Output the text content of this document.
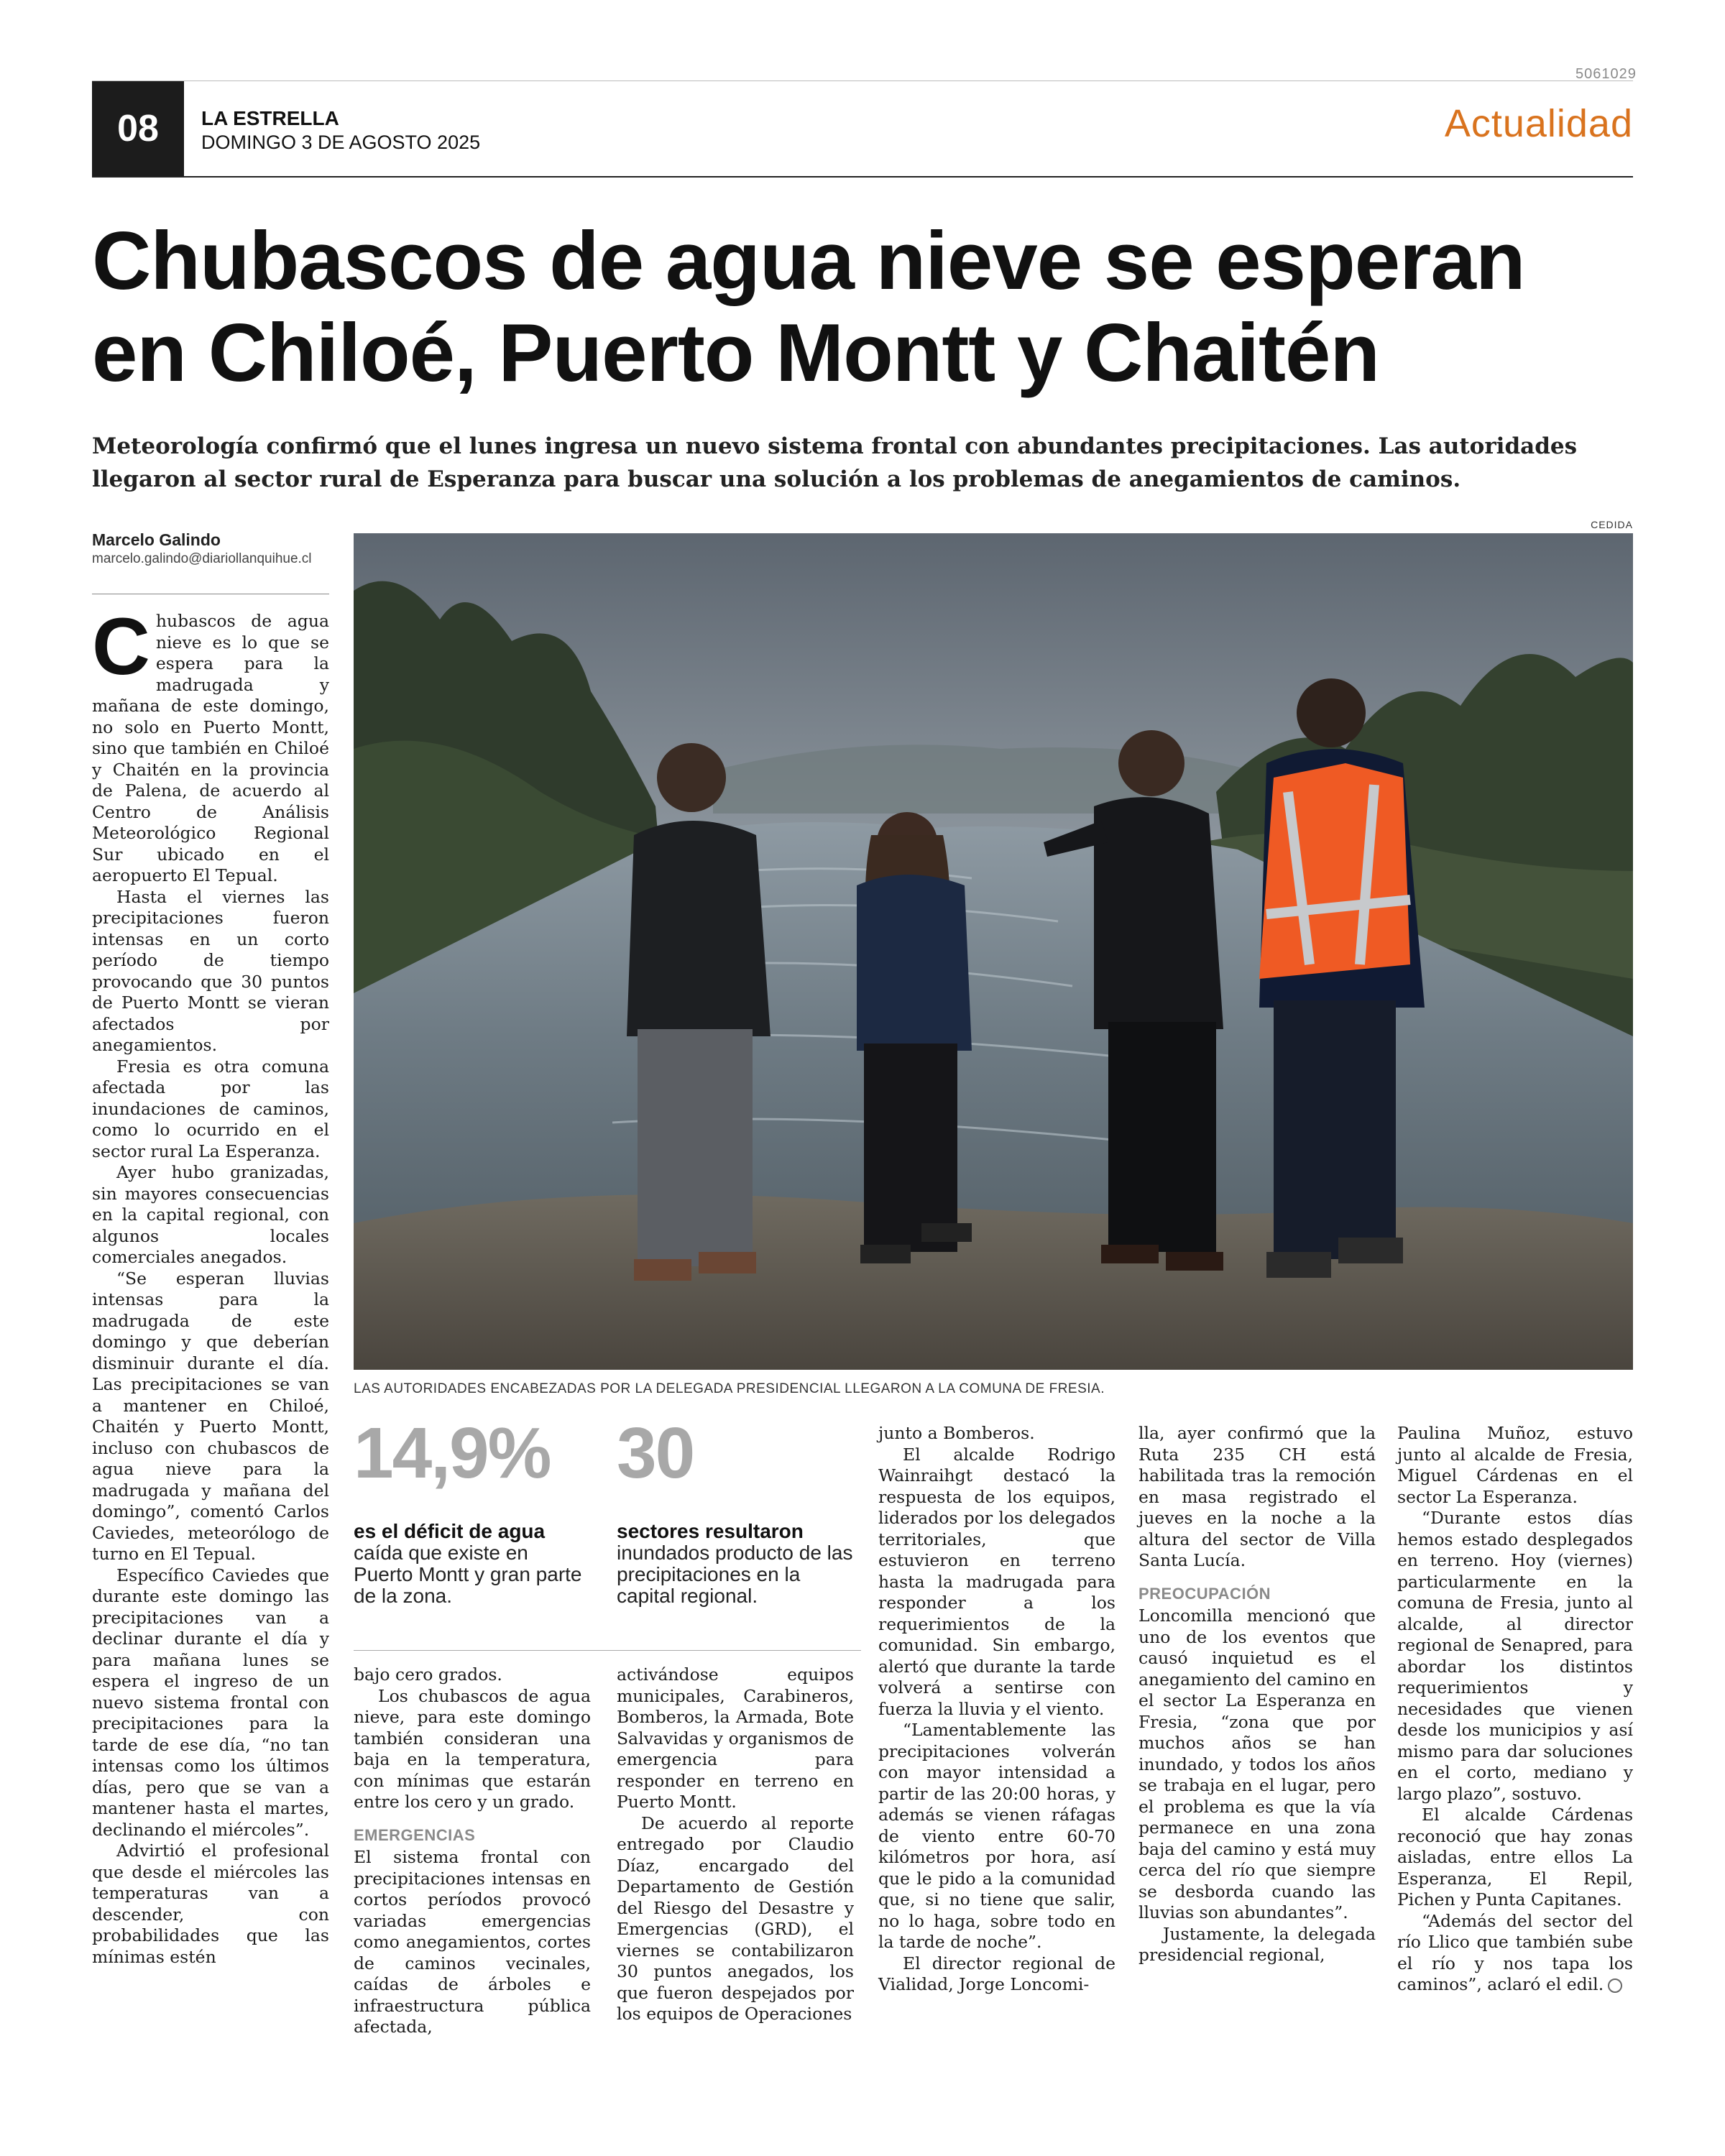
5061029
08	LA ESTRELLA
DOMINGO 3 DE AGOSTO 2025	Actualidad
Chubascos de agua nieve se esperan
en Chiloé, Puerto Montt y Chaitén
Meteorología confirmó que el lunes ingresa un nuevo sistema frontal con abundantes precipitaciones. Las autoridades llegaron al sector rural de Esperanza para buscar una solución a los problemas de anegamientos de caminos.
Marcelo Galindo
marcelo.galindo@diariollanquihue.cl
CEDIDA
LAS AUTORIDADES ENCABEZADAS POR LA DELEGADA PRESIDENCIAL LLEGARON A LA COMUNA DE FRESIA.

Chubascos de agua nieve es lo que se espera para la madrugada y mañana de este domingo, no solo en Puerto Montt, sino que también en Chiloé y Chaitén en la provincia de Palena, de acuerdo al Centro de Análisis Meteorológico Regional Sur ubicado en el aeropuerto El Tepual.

Hasta el viernes las precipitaciones fueron intensas en un corto período de tiempo provocando que 30 puntos de Puerto Montt se vieran afectados por anegamientos.

Fresia es otra comuna afectada por las inundaciones de caminos, como lo ocurrido en el sector rural La Esperanza.

Ayer hubo granizadas, sin mayores consecuencias en la capital regional, con algunos locales comerciales anegados.

“Se esperan lluvias intensas para la madrugada de este domingo y que deberían disminuir durante el día. Las precipitaciones se van a mantener en Chiloé, Chaitén y Puerto Montt, incluso con chubascos de agua nieve para la madrugada y mañana del domingo”, comentó Carlos Caviedes, meteorólogo de turno en El Tepual.

Específico Caviedes que durante este domingo las precipitaciones van a declinar durante el día y para mañana lunes se espera el ingreso de un nuevo sistema frontal con precipitaciones para la tarde de ese día, “no tan intensas como los últimos días, pero que se van a mantener hasta el martes, declinando el miércoles”.

Advirtió el profesional que desde el miércoles las temperaturas van a descender, con probabilidades que las mínimas estén

14,9%
es el déficit de agua
caída que existe en Puerto Montt y gran parte de la zona.
30
sectores resultaron
inundados producto de las precipitaciones en la capital regional.

bajo cero grados.

Los chubascos de agua nieve, para este domingo también consideran una baja en la temperatura, con mínimas que estarán entre los cero y un grado.

EMERGENCIAS

El sistema frontal con precipitaciones intensas en cortos períodos provocó variadas emergencias como anegamientos, cortes de caminos vecinales, caídas de árboles e infraestructura pública afectada,

activándose equipos municipales, Carabineros, Bomberos, la Armada, Bote Salvavidas y organismos de emergencia para responder en terreno en Puerto Montt.

De acuerdo al reporte entregado por Claudio Díaz, encargado del Departamento de Gestión del Riesgo del Desastre y Emergencias (GRD), el viernes se contabilizaron 30 puntos anegados, los que fueron despejados por los equipos de Operaciones

junto a Bomberos.

El alcalde Rodrigo Wainraihgt destacó la respuesta de los equipos, liderados por los delegados territoriales, que estuvieron en terreno hasta la madrugada para responder a los requerimientos de la comunidad. Sin embargo, alertó que durante la tarde volverá a sentirse con fuerza la lluvia y el viento.

“Lamentablemente las precipitaciones volverán con mayor intensidad a partir de las 20:00 horas, y además se vienen ráfagas de viento entre 60-70 kilómetros por hora, así que le pido a la comunidad que, si no tiene que salir, no lo haga, sobre todo en la tarde de noche”.

El director regional de Vialidad, Jorge Loncomi-

lla, ayer confirmó que la Ruta 235 CH está habilitada tras la remoción en masa registrado el jueves en la noche a la altura del sector de Villa Santa Lucía.

PREOCUPACIÓN

Loncomilla mencionó que uno de los eventos que causó inquietud es el anegamiento del camino en el sector La Esperanza en Fresia, “zona que por muchos años se han inundado, y todos los años se trabaja en el lugar, pero el problema es que la vía permanece en una zona baja del camino y está muy cerca del río que siempre se desborda cuando las lluvias son abundantes”.

Justamente, la delegada presidencial regional,

Paulina Muñoz, estuvo junto al alcalde de Fresia, Miguel Cárdenas en el sector La Esperanza.

“Durante estos días hemos estado desplegados en terreno. Hoy (viernes) particularmente en la comuna de Fresia, junto al alcalde, al director regional de Senapred, para abordar los distintos requerimientos y necesidades que vienen desde los municipios y así mismo para dar soluciones en el corto, mediano y largo plazo”, sostuvo.

El alcalde Cárdenas reconoció que hay zonas aisladas, entre ellos La Esperanza, El Repil, Pichen y Punta Capitanes.

“Además del sector del río Llico que también sube el río y nos tapa los caminos”, aclaró el edil.
